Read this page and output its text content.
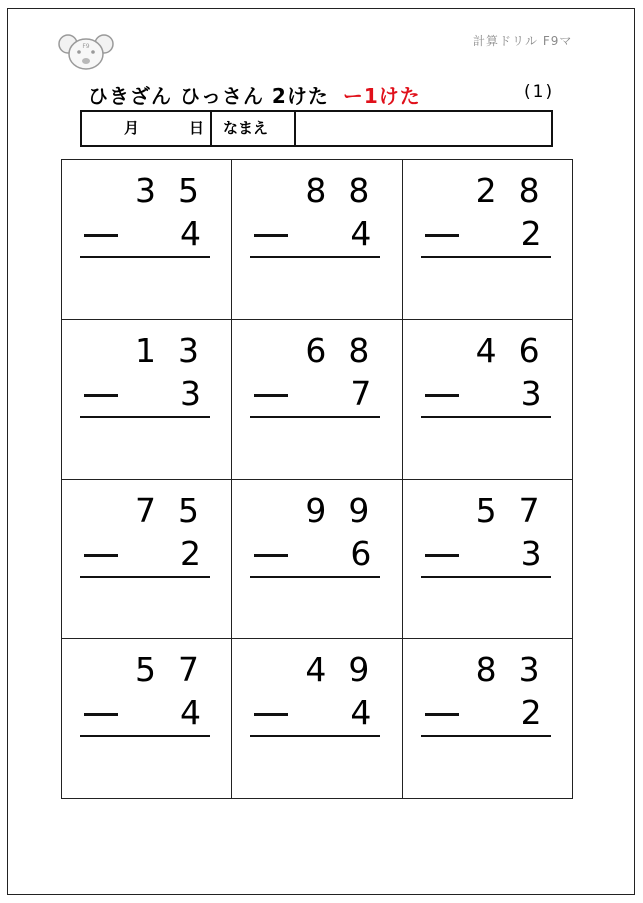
F9	計算ドリル F9マ
ひきざん ひっさん 2けた ー1けた	(1)
月	日 なまえ
3 5
4
8 8
4
2 8
2
1 3
3
6 8
7
4 6
3
7 5
2
9 9
6
5 7
3
5 7
4
4 9
4
8 3
2
